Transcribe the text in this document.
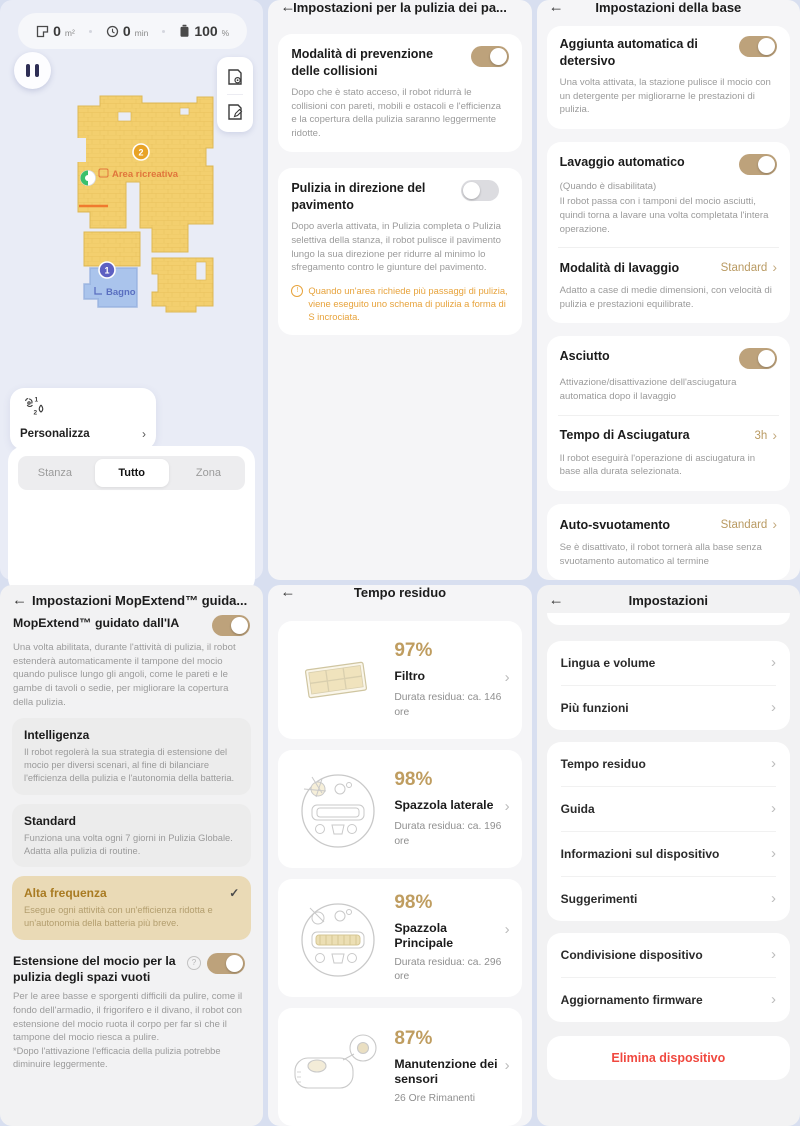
0 m²	0 min	100 %
Area ricreativa
2
1
Bagno
1
2
Personalizza	›
Stanza	Tutto	Zona
←
Impostazioni per la pulizia dei pa...
Modalità di prevenzione delle collisioni
Dopo che è stato acceso, il robot ridurrà le collisioni con pareti, mobili e ostacoli e l'efficienza e la copertura della pulizia saranno leggermente ridotte.
Pulizia in direzione del pavimento
Dopo averla attivata, in Pulizia completa o Pulizia selettiva della stanza, il robot pulisce il pavimento lungo la sua direzione per ridurre al minimo lo sfregamento contro le giunture del pavimento.
!
Quando un'area richiede più passaggi di pulizia, viene eseguito uno schema di pulizia a forma di S incrociata.
← Impostazioni della base
Aggiunta automatica di detersivo
Una volta attivata, la stazione pulisce il mocio con un detergente per migliorarne le prestazioni di pulizia.
Lavaggio automatico
(Quando è disabilitata)
Il robot passa con i tamponi del mocio asciutti, quindi torna a lavare una volta completata l'intera operazione.
Modalità di lavaggio	Standard
›
Adatto a case di medie dimensioni, con velocità di pulizia e prestazioni equilibrate.
Asciutto
Attivazione/disattivazione dell'asciugatura automatica dopo il lavaggio
Tempo di Asciugatura	3h
›
Il robot eseguirà l'operazione di asciugatura in base alla durata selezionata.
Auto-svuotamento	Standard
›
Se è disattivato, il robot tornerà alla base senza svuotamento automatico al termine
← Impostazioni MopExtend™ guida...
MopExtend™ guidato dall'IA
Una volta abilitata, durante l'attività di pulizia, il robot estenderà automaticamente il tampone del mocio quando pulisce lungo gli angoli, come le pareti e le gambe di tavoli o sedie, per migliorare la copertura della pulizia.
Intelligenza
Il robot regolerà la sua strategia di estensione del mocio per diversi scenari, al fine di bilanciare l'efficienza della pulizia e l'autonomia della batteria.
Standard
Funziona una volta ogni 7 giorni in Pulizia Globale. Adatta alla pulizia di routine.
Alta frequenza	✓
Esegue ogni attività con un'efficienza ridotta e un'autonomia della batteria più breve.
Estensione del mocio per la pulizia degli spazi vuoti
?
Per le aree basse e sporgenti difficili da pulire, come il fondo dell'armadio, il frigorifero e il divano, il robot con estensione del mocio ruota il corpo per far sì che il tampone del mocio riesca a pulire.
*Dopo l'attivazione l'efficacia della pulizia potrebbe diminuire leggermente.
←	Tempo residuo
97%
Filtro
›
Durata residua: ca. 146 ore
98%
Spazzola laterale
›
Durata residua: ca. 196 ore
98%
Spazzola Principale
›
Durata residua: ca. 296 ore
87%
Manutenzione dei sensori
›
26 Ore Rimanenti
←	Impostazioni
Lingua e volume
›
Più funzioni
›
Tempo residuo
›
Guida
›
Informazioni sul dispositivo
›
Suggerimenti
›
Condivisione dispositivo
›
Aggiornamento firmware
›
Elimina dispositivo
